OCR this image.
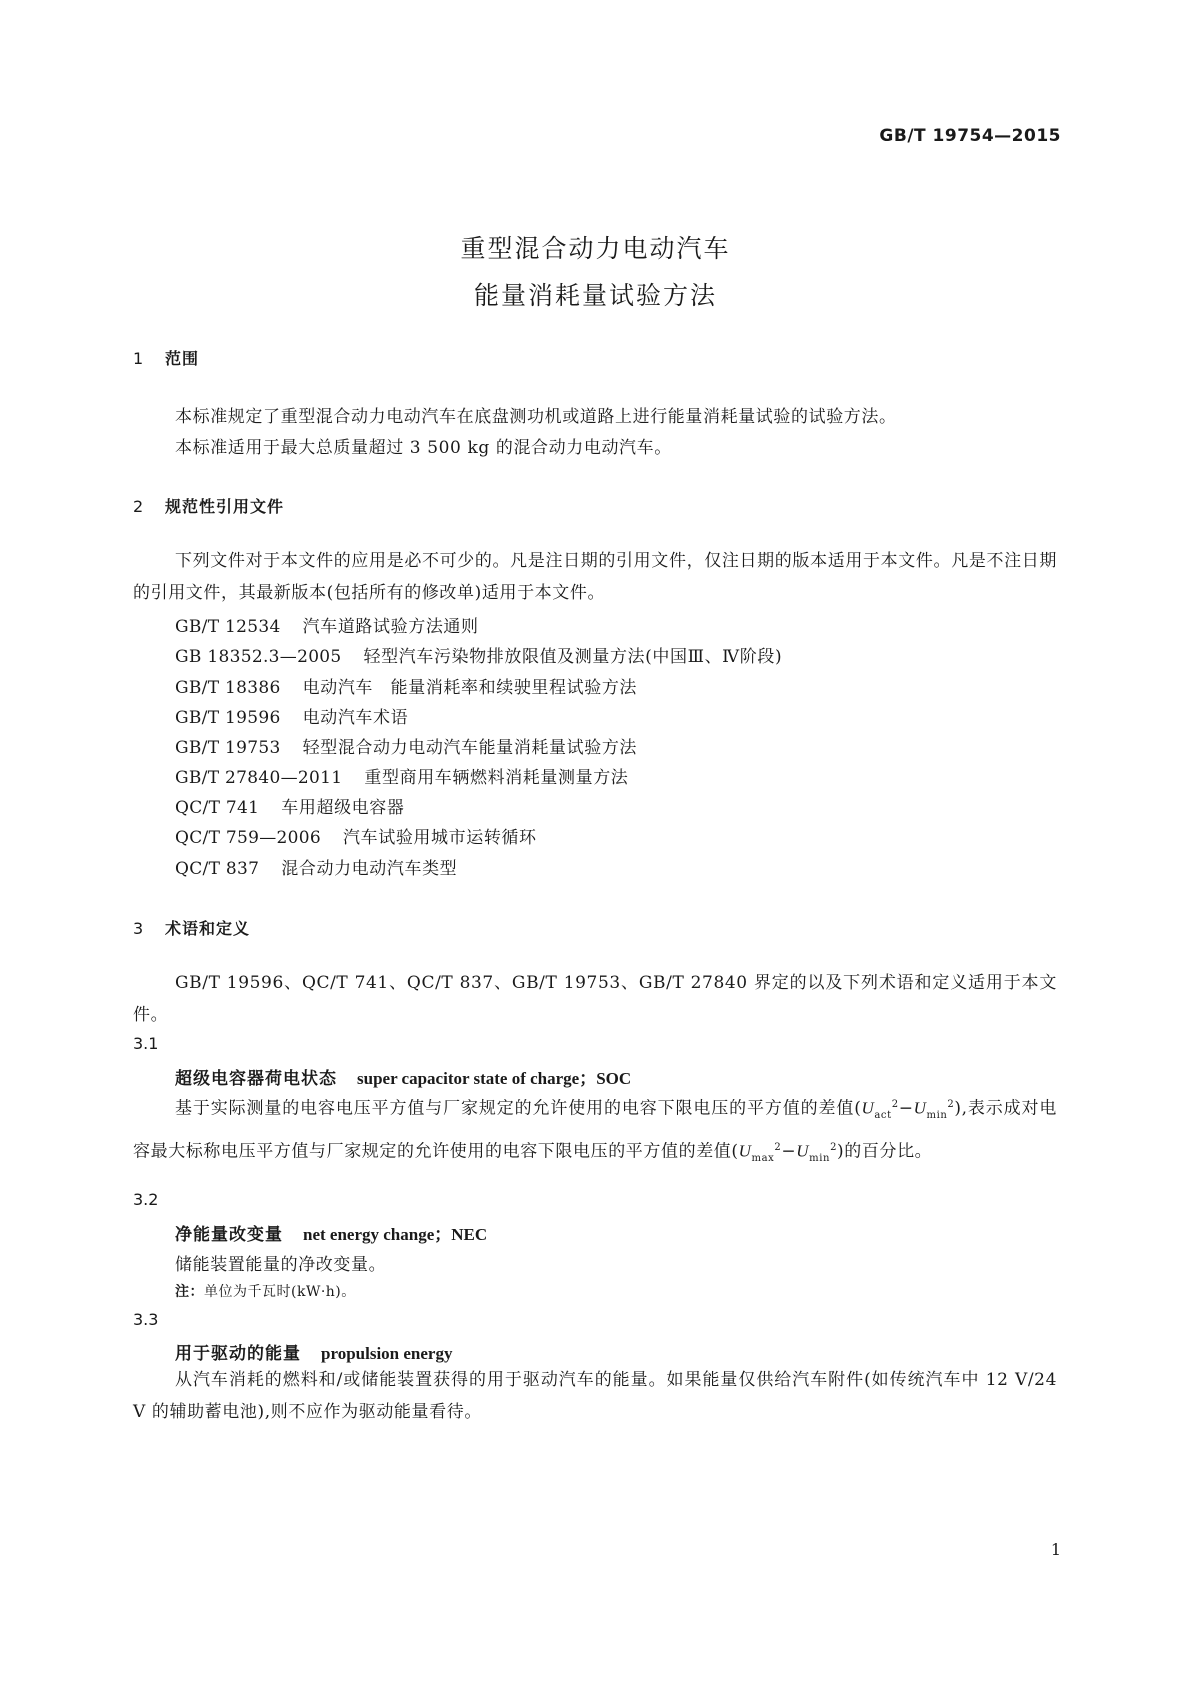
GB/T 19754—2015
重型混合动力电动汽车
能量消耗量试验方法
1 范围
本标准规定了重型混合动力电动汽车在底盘测功机或道路上进行能量消耗量试验的试验方法。
本标准适用于最大总质量超过 3 500 kg 的混合动力电动汽车。
2 规范性引用文件
下列文件对于本文件的应用是必不可少的。凡是注日期的引用文件，仅注日期的版本适用于本文件。凡是不注日期的引用文件，其最新版本(包括所有的修改单)适用于本文件。
GB/T 12534 汽车道路试验方法通则
GB 18352.3—2005 轻型汽车污染物排放限值及测量方法(中国Ⅲ、Ⅳ阶段)
GB/T 18386 电动汽车　能量消耗率和续驶里程试验方法
GB/T 19596 电动汽车术语
GB/T 19753 轻型混合动力电动汽车能量消耗量试验方法
GB/T 27840—2011 重型商用车辆燃料消耗量测量方法
QC/T 741 车用超级电容器
QC/T 759—2006 汽车试验用城市运转循环
QC/T 837 混合动力电动汽车类型
3 术语和定义
GB/T 19596、QC/T 741、QC/T 837、GB/T 19753、GB/T 27840 界定的以及下列术语和定义适用于本文件。
3.1
超级电容器荷电状态 super capacitor state of charge；SOC
基于实际测量的电容电压平方值与厂家规定的允许使用的电容下限电压的平方值的差值$(U_{act}^2-U_{min}^2)$,表示成对电容最大标称电压平方值与厂家规定的允许使用的电容下限电压的平方值的差值$(U_{max}^2-U_{min}^2)$的百分比。
3.2
净能量改变量 net energy change；NEC
储能装置能量的净改变量。
注：单位为千瓦时(kW·h)。
3.3
用于驱动的能量 propulsion energy
从汽车消耗的燃料和/或储能装置获得的用于驱动汽车的能量。如果能量仅供给汽车附件(如传统汽车中 12 V/24 V 的辅助蓄电池),则不应作为驱动能量看待。
1
